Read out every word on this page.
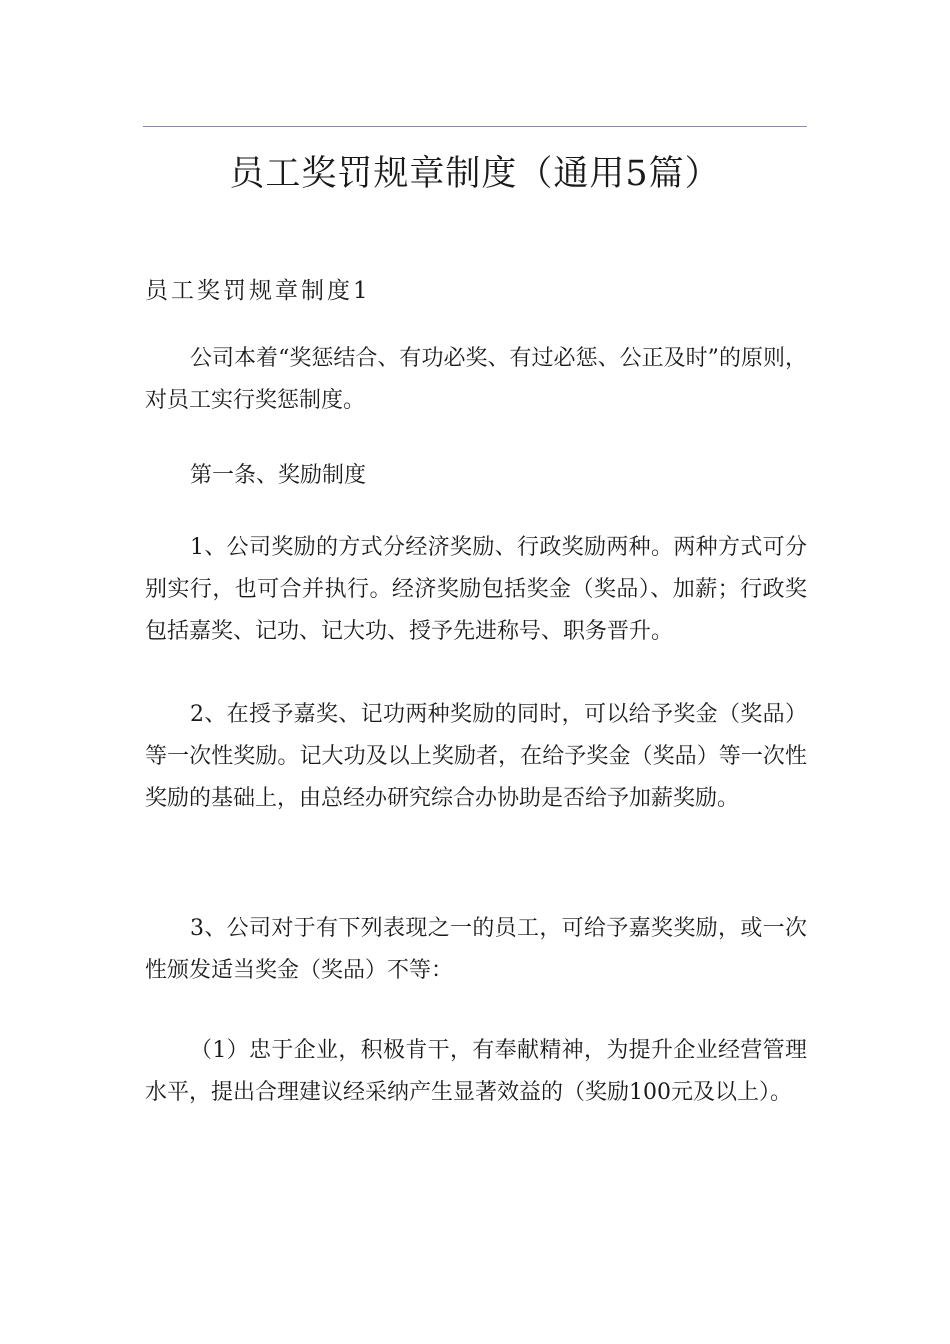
员工奖罚规章制度（通用5篇）
员工奖罚规章制度1
公司本着“奖惩结合、有功必奖、有过必惩、公正及时”的原则，对员工实行奖惩制度。
第一条、奖励制度
1、公司奖励的方式分经济奖励、行政奖励两种。两种方式可分别实行，也可合并执行。经济奖励包括奖金（奖品）、加薪；行政奖包括嘉奖、记功、记大功、授予先进称号、职务晋升。
2、在授予嘉奖、记功两种奖励的同时，可以给予奖金（奖品）等一次性奖励。记大功及以上奖励者，在给予奖金（奖品）等一次性奖励的基础上，由总经办研究综合办协助是否给予加薪奖励。
3、公司对于有下列表现之一的员工，可给予嘉奖奖励，或一次性颁发适当奖金（奖品）不等：
（1）忠于企业，积极肯干，有奉献精神，为提升企业经营管理水平，提出合理建议经采纳产生显著效益的（奖励100元及以上）。
